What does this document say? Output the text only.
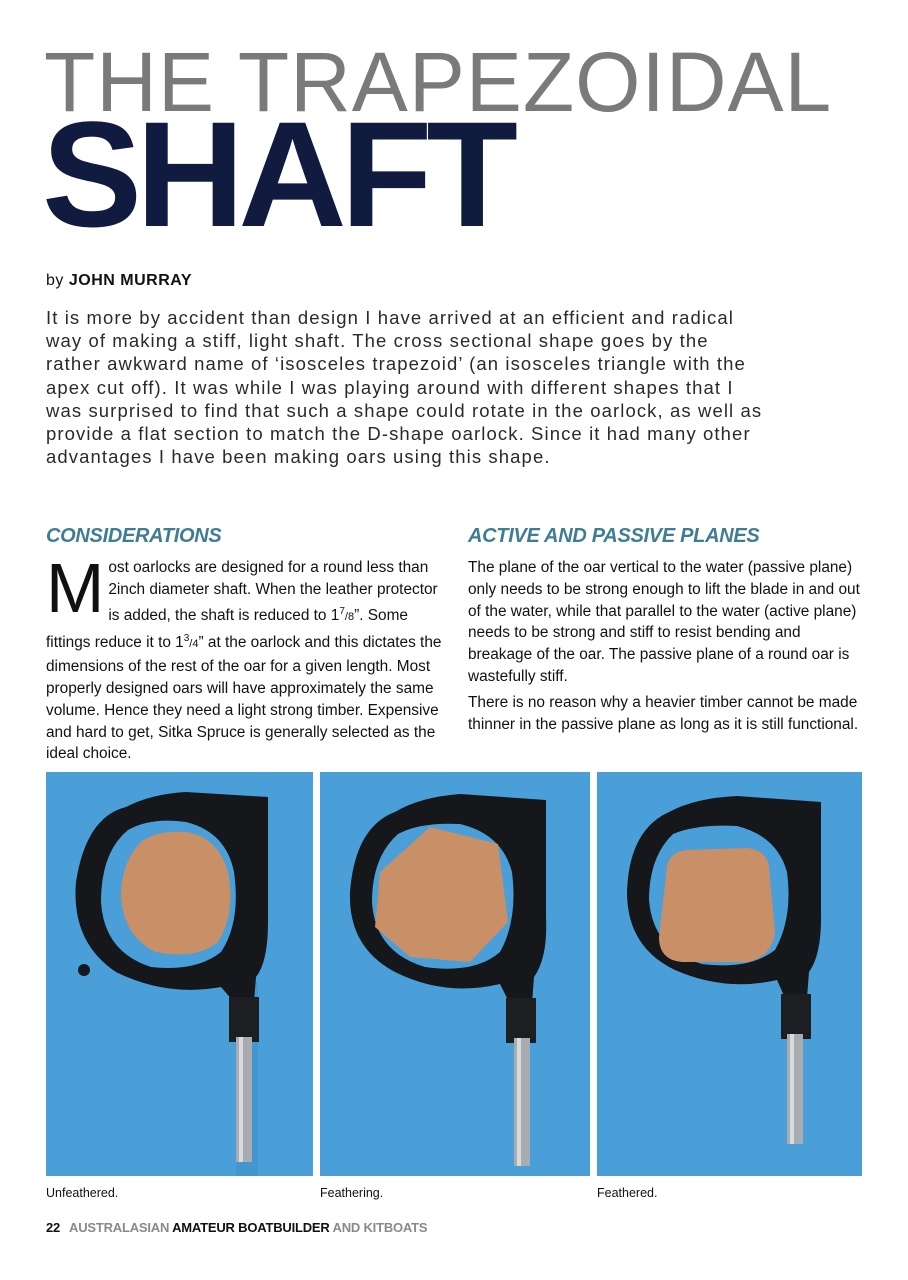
THE TRAPEZOIDAL
SHAFT
by JOHN MURRAY

It is more by accident than design I have arrived at an efficient and radical way of making a stiff, light shaft. The cross sectional shape goes by the rather awkward name of ‘isosceles trapezoid’ (an isosceles triangle with the apex cut off). It was while I was playing around with different shapes that I was surprised to find that such a shape could rotate in the oarlock, as well as provide a flat section to match the D-shape oarlock. Since it had many other advantages I have been making oars using this shape.

CONSIDERATIONS

Most oarlocks are designed for a round less than 2inch diameter shaft. When the leather protector is added, the shaft is reduced to $1^7/8$”. Some fittings reduce it to $1^3/4$” at the oarlock and this dictates the dimensions of the rest of the oar for a given length. Most properly designed oars will have approximately the same volume. Hence they need a light strong timber. Expensive and hard to get, Sitka Spruce is generally selected as the ideal choice.

ACTIVE AND PASSIVE PLANES

The plane of the oar vertical to the water (passive plane) only needs to be strong enough to lift the blade in and out of the water, while that parallel to the water (active plane) needs to be strong and stiff to resist bending and breakage of the oar. The passive plane of a round oar is wastefully stiff.

There is no reason why a heavier timber cannot be made thinner in the passive plane as long as it is still functional.

Unfeathered.	Feathering.	Feathered.
22 AUSTRALASIAN AMATEUR BOATBUILDER AND KITBOATS
